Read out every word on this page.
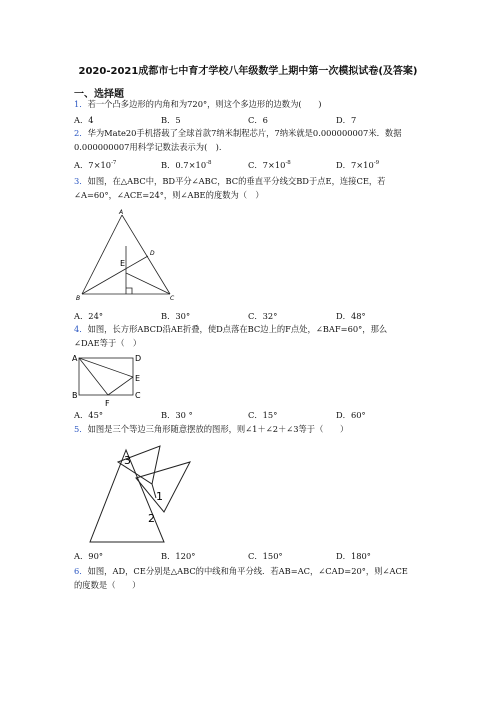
2020-2021成都市七中育才学校八年级数学上期中第一次模拟试卷(及答案)
一、选择题
1．若一个凸多边形的内角和为720°，则这个多边形的边数为(　　)
A．4	B．5	C．6	D．7
2．华为Mate20手机搭载了全球首款7纳米制程芯片，7纳米就是0.000000007米．数据
0.000000007用科学记数法表示为(　).
A．$7\times 10^{-7}$	B．$0.7\times 10^{-8}$	C．$7\times 10^{-8}$	D．$7\times 10^{-9}$
3．如图，在△ABC中，BD平分∠ABC，BC的垂直平分线交BD于点E，连接CE，若
∠A=60°，∠ACE=24°，则∠ABE的度数为（　）
A
D
E
B	C
A．24°	B．30°	C．32°	D．48°
4．如图，长方形ABCD沿AE折叠，使D点落在BC边上的F点处，∠BAF=60°，那么
∠DAE等于（　）
A	D
E
B
F
C
A．45°	B．30 °	C．15°	D．60°
5．如图是三个等边三角形随意摆放的图形，则∠1＋∠2＋∠3等于（　　）
3
1
2
A．90°	B．120°	C．150°	D．180°
6．如图，AD，CE分别是△ABC的中线和角平分线．若AB=AC，∠CAD=20°，则∠ACE
的度数是（　　）
